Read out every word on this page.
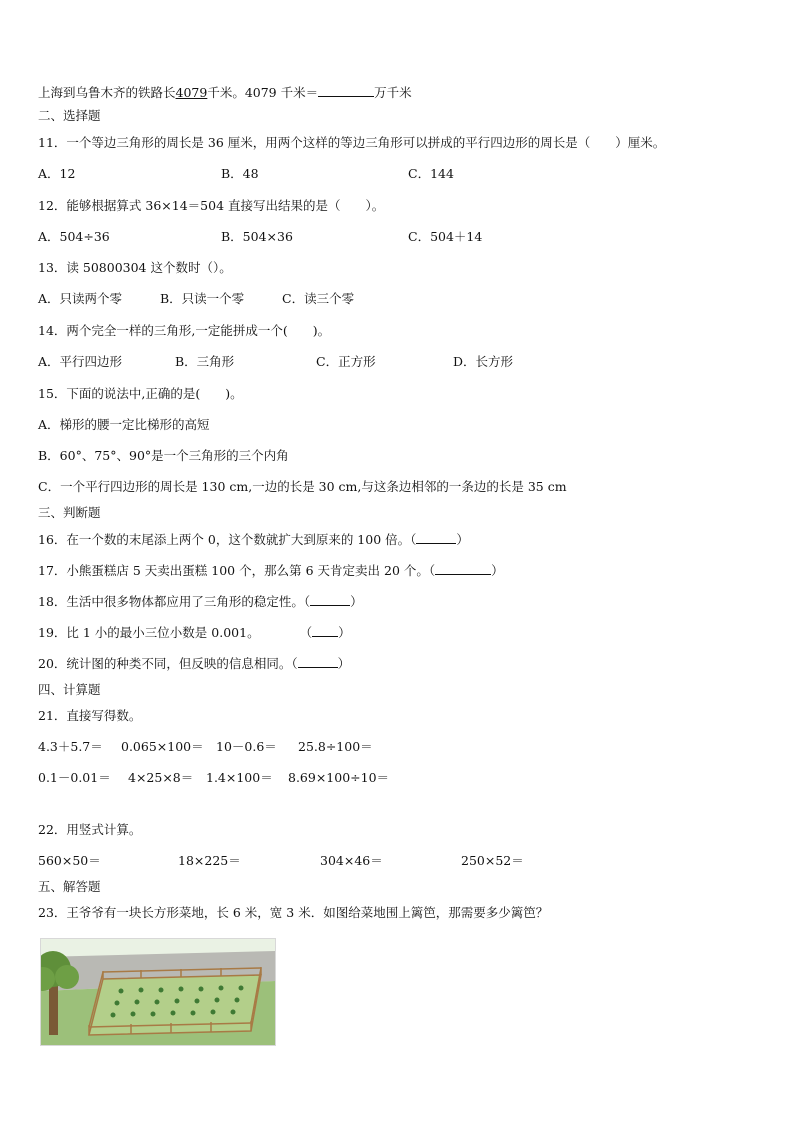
上海到乌鲁木齐的铁路长4079千米。4079 千米＝	万千米
二、选择题
11．一个等边三角形的周长是 36 厘米，用两个这样的等边三角形可以拼成的平行四边形的周长是（　　）厘米。
A．12	B．48	C．144
12．能够根据算式 36×14＝504 直接写出结果的是（　　）。
A．504÷36	B．504×36	C．504＋14
13．读 50800304 这个数时（）。
A．只读两个零	B．只读一个零	C．读三个零
14．两个完全一样的三角形,一定能拼成一个(　　)。
A．平行四边形	B．三角形	C．正方形	D．长方形
15．下面的说法中,正确的是(　　)。
A．梯形的腰一定比梯形的高短
B．60°、75°、90°是一个三角形的三个内角
C．一个平行四边形的周长是 130 cm,一边的长是 30 cm,与这条边相邻的一条边的长是 35 cm
三、判断题
16．在一个数的末尾添上两个 0，这个数就扩大到原来的 100 倍。（	）
17．小熊蛋糕店 5 天卖出蛋糕 100 个，那么第 6 天肯定卖出 20 个。（	）
18．生活中很多物体都应用了三角形的稳定性。（	）
19．比 1 小的最小三位小数是 0.001。	（ ）
20．统计图的种类不同，但反映的信息相同。（	）
四、计算题
21．直接写得数。
4.3＋5.7＝ 0.065×100＝ 10－0.6＝ 25.8÷100＝
0.1－0.01＝ 4×25×8＝ 1.4×100＝ 8.69×100÷10＝
22．用竖式计算。
560×50＝	18×225＝	304×46＝	250×52＝
五、解答题
23．王爷爷有一块长方形菜地，长 6 米，宽 3 米．如图给菜地围上篱笆，那需要多少篱笆？
